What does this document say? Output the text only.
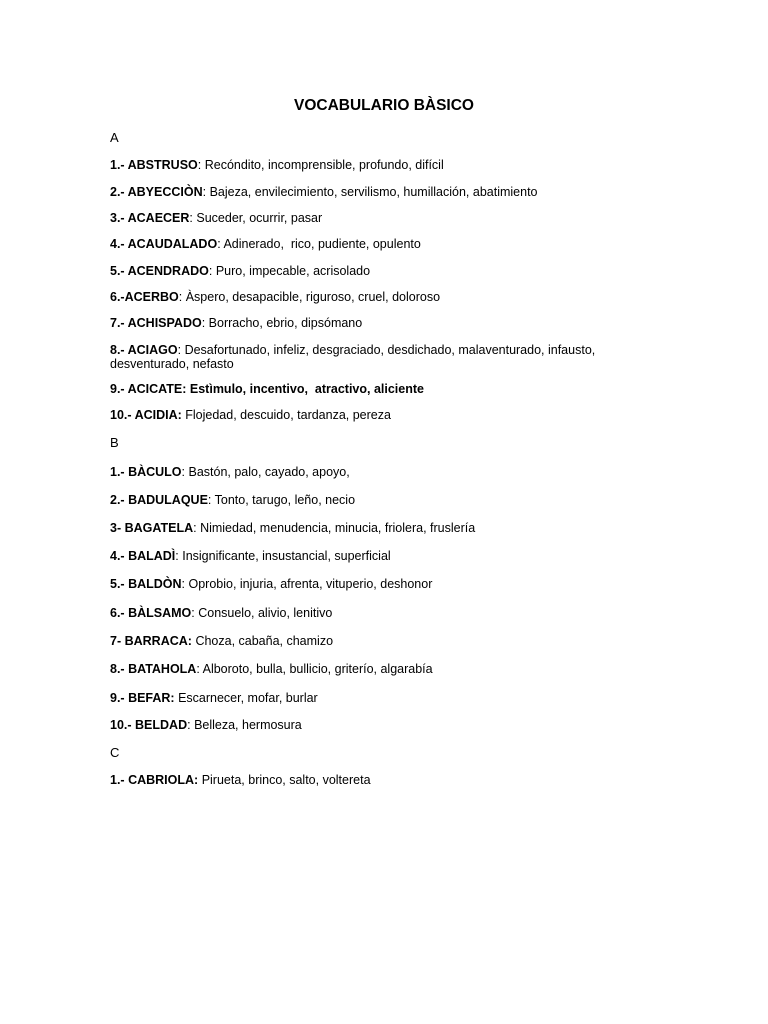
VOCABULARIO BÀSICO
A
1.- ABSTRUSO: Recóndito, incomprensible, profundo, difícil
2.- ABYECCIÒN: Bajeza, envilecimiento, servilismo, humillación, abatimiento
3.- ACAECER: Suceder, ocurrir, pasar
4.- ACAUDALADO: Adinerado,  rico, pudiente, opulento
5.- ACENDRADO: Puro, impecable, acrisolado
6.-ACERBO: Àspero, desapacible, riguroso, cruel, doloroso
7.- ACHISPADO: Borracho, ebrio, dipsómano
8.- ACIAGO: Desafortunado, infeliz, desgraciado, desdichado, malaventurado, infausto, desventurado, nefasto
9.- ACICATE: Estìmulo, incentivo,  atractivo, aliciente
10.- ACIDIA: Flojedad, descuido, tardanza, pereza
B
1.- BÀCULO: Bastón, palo, cayado, apoyo,
2.- BADULAQUE: Tonto, tarugo, leño, necio
3- BAGATELA: Nimiedad, menudencia, minucia, friolera, fruslería
4.- BALADÌ: Insignificante, insustancial, superficial
5.- BALDÒN: Oprobio, injuria, afrenta, vituperio, deshonor
6.- BÀLSAMO: Consuelo, alivio, lenitivo
7- BARRACA: Choza, cabaña, chamizo
8.- BATAHOLA: Alboroto, bulla, bullicio, griterío, algarabía
9.- BEFAR: Escarnecer, mofar, burlar
10.- BELDAD: Belleza, hermosura
C
1.- CABRIOLA: Pirueta, brinco, salto, voltereta
